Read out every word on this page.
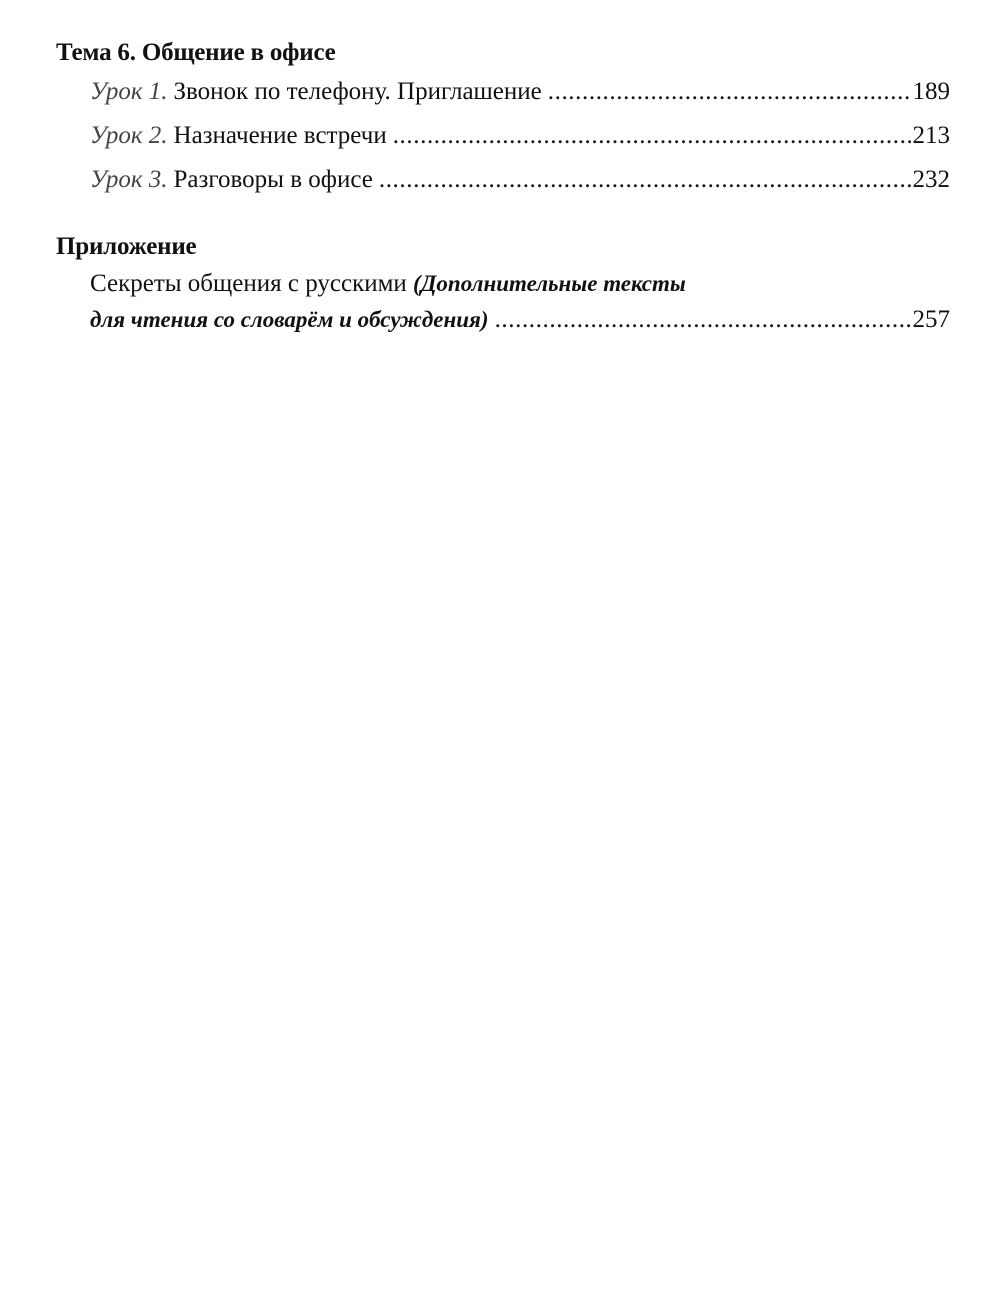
Тема 6. Общение в офисе
Урок 1. Звонок по телефону. Приглашение .....	189
Урок 2. Назначение встречи .....	213
Урок 3. Разговоры в офисе .....	232
Приложение
Секреты общения с русскими (Дополнительные тексты
для чтения со словарём и обсуждения) .....	257
